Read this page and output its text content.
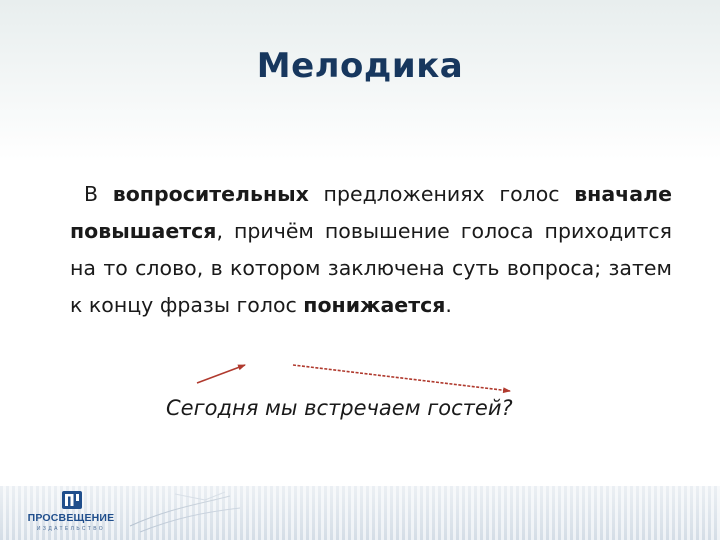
Мелодика
В вопросительных предложениях голос вначале повышается, причём повышение голоса приходится на то слово, в котором заключена суть вопроса; затем к концу фразы голос понижается.
Сегодня мы встречаем гостей?
ПРОСВЕЩЕНИЕ
ИЗДАТЕЛЬСТВО
